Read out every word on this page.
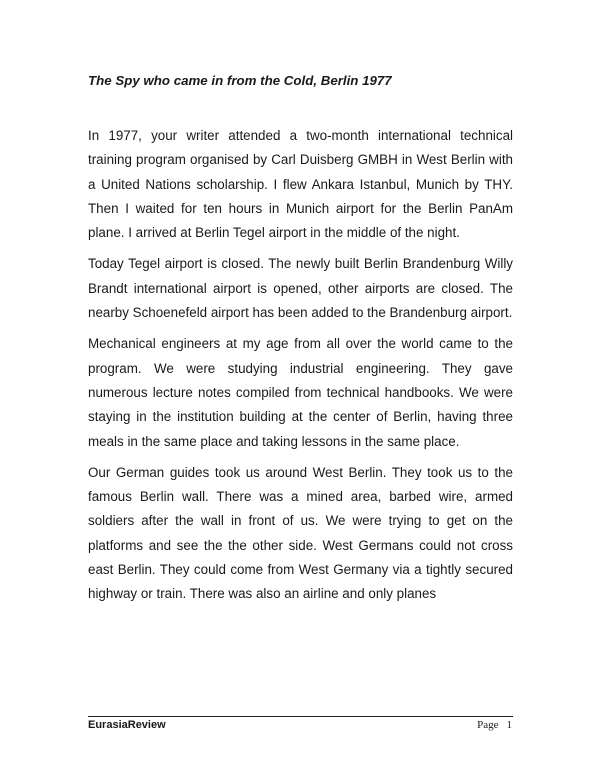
The Spy who came in from the Cold, Berlin 1977

In 1977, your writer attended a two-month international technical training program organised by Carl Duisberg GMBH in West Berlin with a United Nations scholarship. I flew Ankara Istanbul, Munich by THY. Then I waited for ten hours in Munich airport for the Berlin PanAm plane. I arrived at Berlin Tegel airport in the middle of the night.

Today Tegel airport is closed. The newly built Berlin Brandenburg Willy Brandt international airport is opened, other airports are closed. The nearby Schoenefeld airport has been added to the Brandenburg airport.

Mechanical engineers at my age from all over the world came to the program. We were studying industrial engineering. They gave numerous lecture notes compiled from technical handbooks. We were staying in the institution building at the center of Berlin, having three meals in the same place and taking lessons in the same place.

Our German guides took us around West Berlin. They took us to the famous Berlin wall. There was a mined area, barbed wire, armed soldiers after the wall in front of us. We were trying to get on the platforms and see the the other side. West Germans could not cross east Berlin. They could come from West Germany via a tightly secured highway or train. There was also an airline and only planes

EurasiaReview	Page 1
